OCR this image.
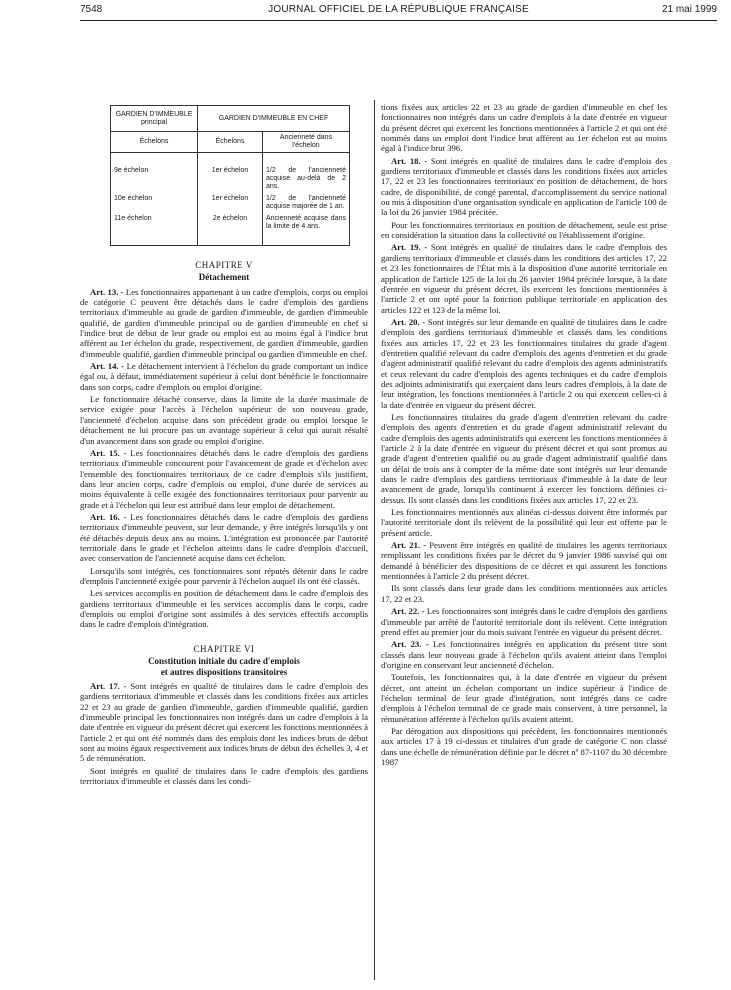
7548	JOURNAL OFFICIEL DE LA RÉPUBLIQUE FRANÇAISE	21 mai 1999
GARDIEN D'IMMEUBLE principal	GARDIEN D'IMMEUBLE EN CHEF	
Échelons	Échelons	Ancienneté dans l'échelon

9e échelon	1er échelon	1/2 de l'ancienneté acquise au-delà de 2 ans.
10e échelon	1er échelon	1/2 de l'ancienneté acquise majorée de 1 an.
11e échelon	2e échelon	Ancienneté acquise dans la limite de 4 ans.

CHAPITRE V
Détachement

Art. 13. - Les fonctionnaires appartenant à un cadre d'emplois, corps ou emploi de catégorie C peuvent être détachés dans le cadre d'emplois des gardiens territoriaux d'immeuble au grade de gardien d'immeuble, de gardien d'immeuble qualifié, de gardien d'immeuble principal ou de gardien d'immeuble en chef si l'indice brut de début de leur grade ou emploi est au moins égal à l'indice brut afférent au 1er échelon du grade, respectivement, de gardien d'immeuble, gardien d'immeuble qualifié, gardien d'immeuble principal ou gardien d'immeuble en chef.

Art. 14. - Le détachement intervient à l'échelon du grade comportant un indice égal ou, à défaut, immédiatement supérieur à celui dont bénéficie le fonctionnaire dans son corps, cadre d'emplois ou emploi d'origine.

Le fonctionnaire détaché conserve, dans la limite de la durée maximale de service exigée pour l'accès à l'échelon supérieur de son nouveau grade, l'ancienneté d'échelon acquise dans son précédent grade ou emploi lorsque le détachement ne lui procure pas un avantage supérieur à celui qui aurait résulté d'un avancement dans son grade ou emploi d'origine.

Art. 15. - Les fonctionnaires détachés dans le cadre d'emplois des gardiens territoriaux d'immeuble concourent pour l'avancement de grade et d'échelon avec l'ensemble des fonctionnaires territoriaux de ce cadre d'emplois s'ils justifient, dans leur ancien corps, cadre d'emplois ou emploi, d'une durée de services au moins équivalente à celle exigée des fonctionnaires territoriaux pour parvenir au grade et à l'échelon qui leur est attribué dans leur emploi de détachement.

Art. 16. - Les fonctionnaires détachés dans le cadre d'emplois des gardiens territoriaux d'immeuble peuvent, sur leur demande, y être intégrés lorsqu'ils y ont été détachés depuis deux ans au moins. L'intégration est prononcée par l'autorité territoriale dans le grade et l'échelon atteints dans le cadre d'emplois d'accueil, avec conservation de l'ancienneté acquise dans cet échelon.

Lorsqu'ils sont intégrés, ces fonctionnaires sont réputés détenir dans le cadre d'emplois l'ancienneté exigée pour parvenir à l'échelon auquel ils ont été classés.

Les services accomplis en position de détachement dans le cadre d'emplois des gardiens territoriaux d'immeuble et les services accomplis dans le corps, cadre d'emplois ou emploi d'origine sont assimilés à des services effectifs accomplis dans le cadre d'emplois d'intégration.

CHAPITRE VI
Constitution initiale du cadre d'emplois
et autres dispositions transitoires

Art. 17. - Sont intégrés en qualité de titulaires dans le cadre d'emplois des gardiens territoriaux d'immeuble et classés dans les conditions fixées aux articles 22 et 23 au grade de gardien d'immeuble, gardien d'immeuble qualifié, gardien d'immeuble principal les fonctionnaires non intégrés dans un cadre d'emplois à la date d'entrée en vigueur du présent décret qui exercent les fonctions mentionnées à l'article 2 et qui ont été nommés dans des emplois dont les indices bruts de début sont au moins égaux respectivement aux indices bruts de début des échelles 3, 4 et 5 de rémunération.

Sont intégrés en qualité de titulaires dans le cadre d'emplois des gardiens territoriaux d'immeuble et classés dans les condi-

tions fixées aux articles 22 et 23 au grade de gardien d'immeuble en chef les fonctionnaires non intégrés dans un cadre d'emplois à la date d'entrée en vigueur du présent décret qui exercent les fonctions mentionnées à l'article 2 et qui ont été nommés dans un emploi dont l'indice brut afférent au 1er échelon est au moins égal à l'indice brut 396.

Art. 18. - Sont intégrés en qualité de titulaires dans le cadre d'emplois des gardiens territoriaux d'immeuble et classés dans les conditions fixées aux articles 17, 22 et 23 les fonctionnaires territoriaux en position de détachement, de hors cadre, de disponibilité, de congé parental, d'accomplissement du service national ou mis à disposition d'une organisation syndicale en application de l'article 100 de la loi du 26 janvier 1984 précitée.

Pour les fonctionnaires territoriaux en position de détachement, seule est prise en considération la situation dans la collectivité ou l'établissement d'origine.

Art. 19. - Sont intégrés en qualité de titulaires dans le cadre d'emplois des gardiens territoriaux d'immeuble et classés dans les conditions des articles 17, 22 et 23 les fonctionnaires de l'État mis à la disposition d'une autorité territoriale en application de l'article 125 de la loi du 26 janvier 1984 précitée lorsque, à la date d'entrée en vigueur du présent décret, ils exercent les fonctions mentionnées à l'article 2 et ont opté pour la fonction publique territoriale en application des articles 122 et 123 de la même loi.

Art. 20. - Sont intégrés sur leur demande en qualité de titulaires dans le cadre d'emplois des gardiens territoriaux d'immeuble et classés dans les conditions fixées aux articles 17, 22 et 23 les fonctionnaires titulaires du grade d'agent d'entretien qualifié relevant du cadre d'emplois des agents d'entretien et du grade d'agent administratif qualifié relevant du cadre d'emplois des agents administratifs et ceux relevant du cadre d'emplois des agents techniques et du cadre d'emplois des adjoints administratifs qui exerçaient dans leurs cadres d'emplois, à la date de leur intégration, les fonctions mentionnées à l'article 2 ou qui exercent celles-ci à la date d'entrée en vigueur du présent décret.

Les fonctionnaires titulaires du grade d'agent d'entretien relevant du cadre d'emplois des agents d'entretien et du grade d'agent administratif relevant du cadre d'emplois des agents administratifs qui exercent les fonctions mentionnées à l'article 2 à la date d'entrée en vigueur du présent décret et qui sont promus au grade d'agent d'entretien qualifié ou au grade d'agent administratif qualifié dans un délai de trois ans à compter de la même date sont intégrés sur leur demande dans le cadre d'emplois des gardiens territoriaux d'immeuble à la date de leur avancement de grade, lorsqu'ils continuent à exercer les fonctions définies ci-dessus. Ils sont classés dans les conditions fixées aux articles 17, 22 et 23.

Les fonctionnaires mentionnés aux alinéas ci-dessus doivent être informés par l'autorité territoriale dont ils relèvent de la possibilité qui leur est offerte par le présent article.

Art. 21. - Peuvent être intégrés en qualité de titulaires les agents territoriaux remplissant les conditions fixées par le décret du 9 janvier 1986 susvisé qui ont demandé à bénéficier des dispositions de ce décret et qui assurent les fonctions mentionnées à l'article 2 du présent décret.

Ils sont classés dans leur grade dans les conditions mentionnées aux articles 17, 22 et 23.

Art. 22. - Les fonctionnaires sont intégrés dans le cadre d'emplois des gardiens d'immeuble par arrêté de l'autorité territoriale dont ils relèvent. Cette intégration prend effet au premier jour du mois suivant l'entrée en vigueur du présent décret.

Art. 23. - Les fonctionnaires intégrés en application du présent titre sont classés dans leur nouveau grade à l'échelon qu'ils avaient atteint dans l'emploi d'origine en conservant leur ancienneté d'échelon.

Toutefois, les fonctionnaires qui, à la date d'entrée en vigueur du présent décret, ont atteint un échelon comportant un indice supérieur à l'indice de l'échelon terminal de leur grade d'intégration, sont intégrés dans ce cadre d'emplois à l'échelon terminal de ce grade mais conservent, à titre personnel, la rémunération afférente à l'échelon qu'ils avaient atteint.

Par dérogation aux dispositions qui précèdent, les fonctionnaires mentionnés aux articles 17 à 19 ci-dessus et titulaires d'un grade de catégorie C non classé dans une échelle de rémunération définie par le décret nº 87-1107 du 30 décembre 1987
